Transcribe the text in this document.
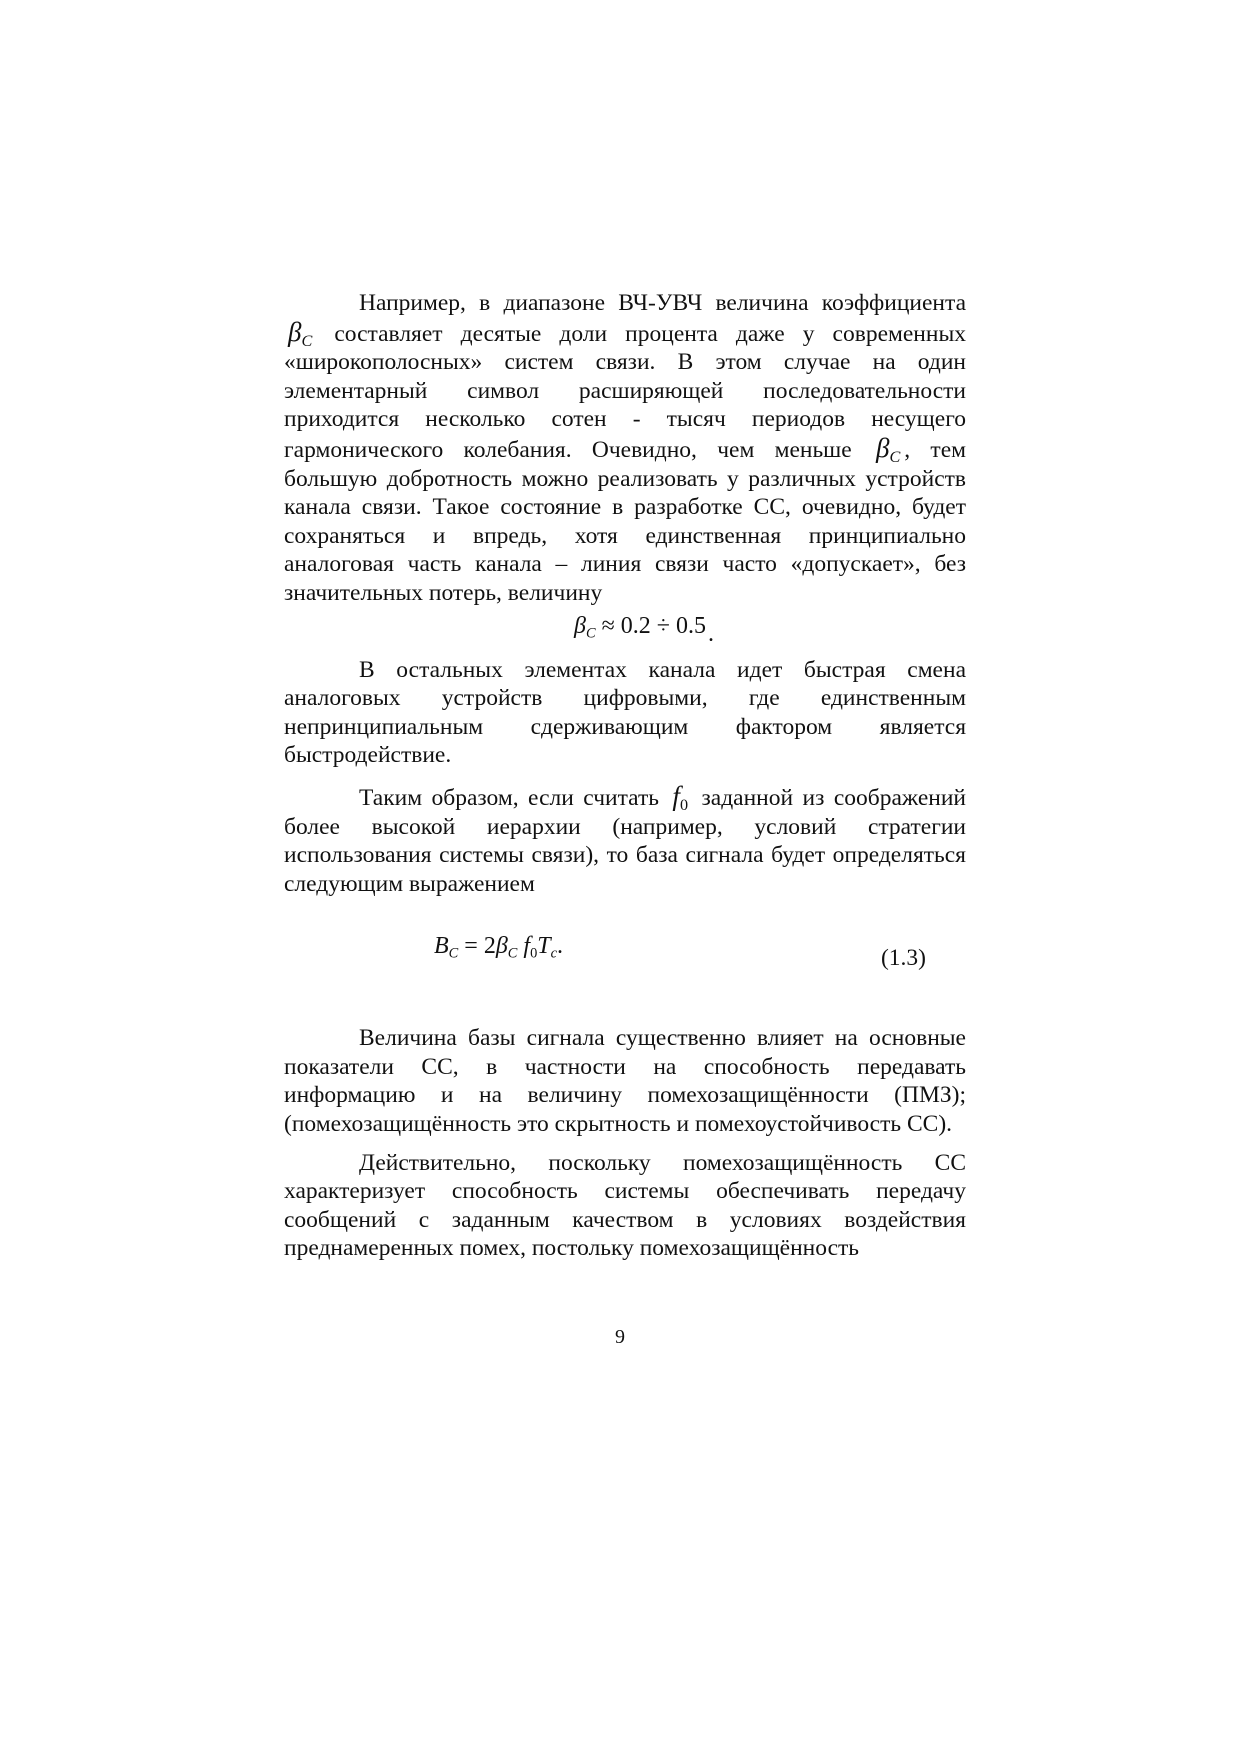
Например, в диапазоне ВЧ-УВЧ величина коэффициента $\beta_C$ составляет десятые доли процента даже у современных «широкополосных» систем связи. В этом случае на один элементарный символ расширяющей последовательности приходится несколько сотен - тысяч периодов несущего гармонического колебания. Очевидно, чем меньше $\beta_C$ , тем большую добротность можно реализовать у различных устройств канала связи. Такое состояние в разработке СС, очевидно, будет сохраняться и впредь, хотя единственная принципиально аналоговая часть канала – линия связи часто «допускает», без значительных потерь, величину

$\beta_C \approx 0.2 \div 0.5$.

В остальных элементах канала идет быстрая смена аналоговых устройств цифровыми, где единственным непринципиальным сдерживающим фактором является быстродействие.

Таким образом, если считать $f_0$ заданной из соображений более высокой иерархии (например, условий стратегии использования системы связи), то база сигнала будет определяться следующим выражением

$B_C = 2\beta_C$ $f_0T_c$.	(1.3)

Величина базы сигнала существенно влияет на основные показатели СС, в частности на способность передавать информацию и на величину помехозащищённости (ПМЗ); (помехозащищённость это скрытность и помехоустойчивость СС).

Действительно, поскольку помехозащищённость СС характеризует способность системы обеспечивать передачу сообщений с заданным качеством в условиях воздействия преднамеренных помех, постольку помехозащищённость

9
